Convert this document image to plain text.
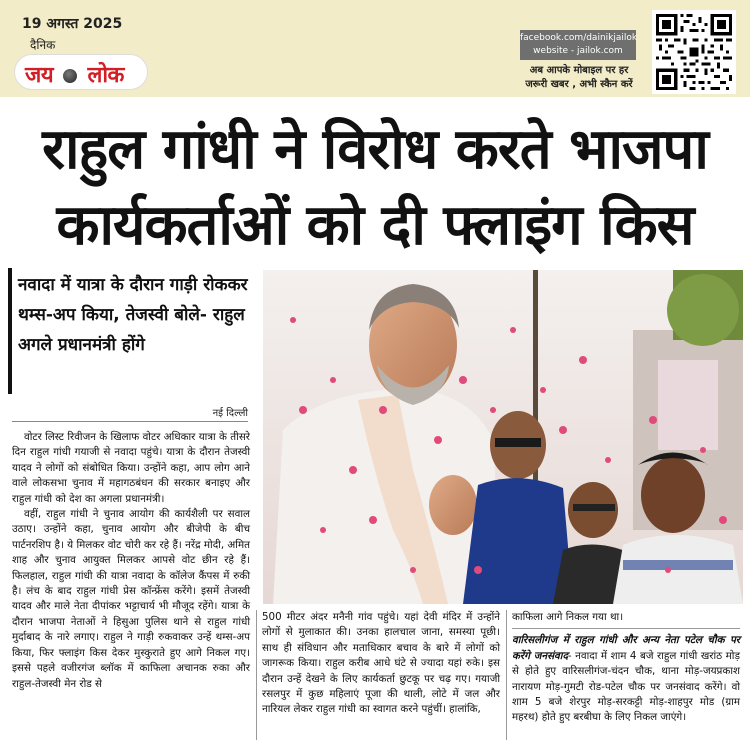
19 अगस्त 2025
दैनिक
जय लोक
facebook.com/dainikjailok
website - jailok.com
अब आपके मोबाइल पर हर जरूरी खबर , अभी स्कैन करें
राहुल गांधी ने विरोध करते भाजपा
कार्यकर्ताओं को दी फ्लाइंग किस
नवादा में यात्रा के दौरान गाड़ी रोककर थम्स-अप किया, तेजस्वी बोले- राहुल अगले प्रधानमंत्री होंगे
नई दिल्ली

वोटर लिस्ट रिवीजन के खिलाफ वोटर अधिकार यात्रा के तीसरे दिन राहुल गांधी गयाजी से नवादा पहुंचे। यात्रा के दौरान तेजस्वी यादव ने लोगों को संबोधित किया। उन्होंने कहा, आप लोग आने वाले लोकसभा चुनाव में महागठबंधन की सरकार बनाइए और राहुल गांधी को देश का अगला प्रधानमंत्री।

वहीं, राहुल गांधी ने चुनाव आयोग की कार्यशैली पर सवाल उठाए। उन्होंने कहा, चुनाव आयोग और बीजेपी के बीच पार्टनरशिप है। ये मिलकर वोट चोरी कर रहे हैं। नरेंद्र मोदी, अमित शाह और चुनाव आयुक्त मिलकर आपसे वोट छीन रहे हैं। फिलहाल, राहुल गांधी की यात्रा नवादा के कॉलेज कैंपस में रुकी है। लंच के बाद राहुल गांधी प्रेस कॉन्फ्रेंस करेंगे। इसमें तेजस्वी यादव और माले नेता दीपांकर भट्टाचार्य भी मौजूद रहेंगे। यात्रा के दौरान भाजपा नेताओं ने हिसुआ पुलिस थाने से राहुल गांधी मुर्दाबाद के नारे लगाए। राहुल ने गाड़ी रुकवाकर उन्हें थम्स-अप किया, फिर फ्लाइंग किस देकर मुस्कुराते हुए आगे निकल गए। इससे पहले वजीरगंज ब्लॉक में काफिला अचानक रुका और राहुल-तेजस्वी मेन रोड से

500 मीटर अंदर मनैनी गांव पहुंचे। यहां देवी मंदिर में उन्होंने लोगों से मुलाकात की। उनका हालचाल जाना, समस्या पूछी। साथ ही संविधान और मताधिकार बचाव के बारे में लोगों को जागरूक किया। राहुल करीब आधे घंटे से ज्यादा यहां रुके। इस दौरान उन्हें देखने के लिए कार्यकर्ता छुटकू पर चढ़ गए। गयाजी रसलपुर में कुछ महिलाएं पूजा की थाली, लोटे में जल और नारियल लेकर राहुल गांधी का स्वागत करने पहुंचीं। हालांकि,
काफिला आगे निकल गया था।
वारिसलीगंज में राहुल गांधी और अन्य नेता पटेल चौक पर करेंगे जनसंवाद- नवादा में शाम 4 बजे राहुल गांधी खरांठ मोड़ से होते हुए वारिसलीगंज-चंदन चौक, थाना मोड़-जयप्रकाश नारायण मोड़-गुमटी रोड-पटेल चौक पर जनसंवाद करेंगे। वो शाम 5 बजे शेरपुर मोड़-सरकट्टी मोड़-शाहपुर मोड (ग्राम महरथ) होते हुए बरबीघा के लिए निकल जाएंगे।
